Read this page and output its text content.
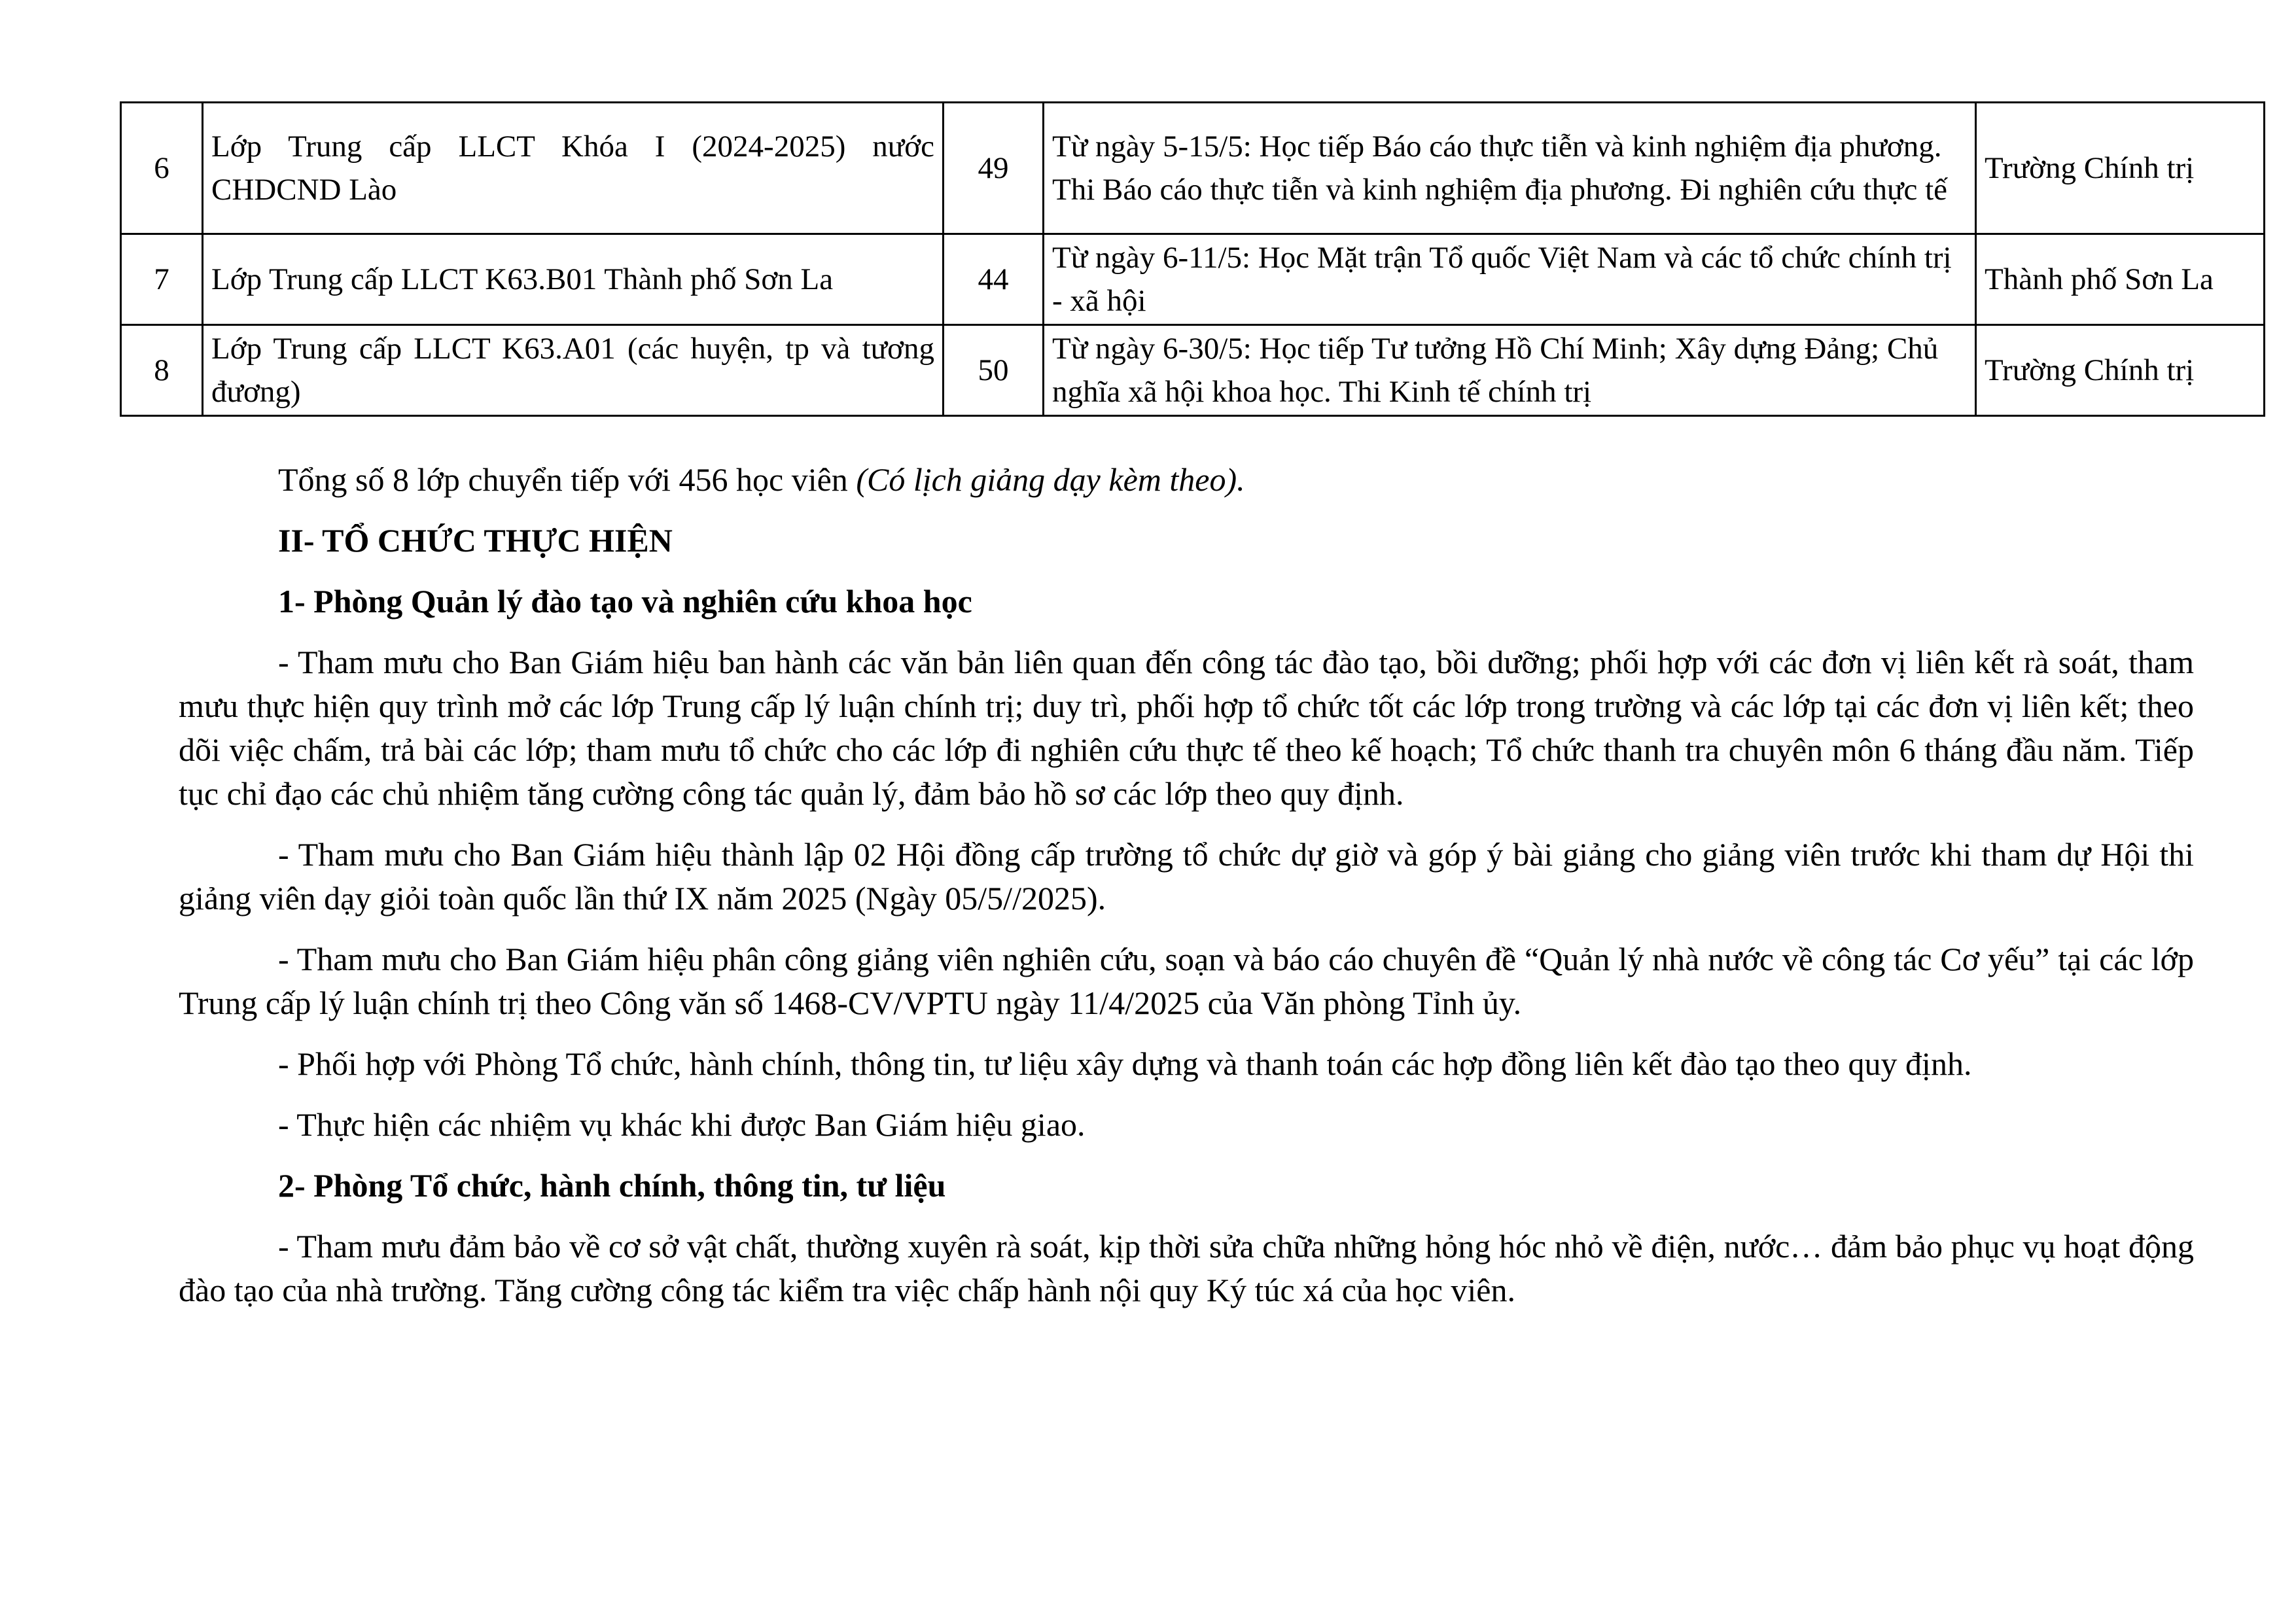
6	Lớp Trung cấp LLCT Khóa I (2024-2025) nước CHDCND Lào	49	Từ ngày 5-15/5: Học tiếp Báo cáo thực tiễn và kinh nghiệm địa phương. Thi Báo cáo thực tiễn và kinh nghiệm địa phương. Đi nghiên cứu thực tế	Trường Chính trị
7	Lớp Trung cấp LLCT K63.B01 Thành phố Sơn La	44	Từ ngày 6-11/5: Học Mặt trận Tổ quốc Việt Nam và các tổ chức chính trị - xã hội	Thành phố Sơn La
8	Lớp Trung cấp LLCT K63.A01 (các huyện, tp và tương đương)	50	Từ ngày 6-30/5: Học tiếp Tư tưởng Hồ Chí Minh; Xây dựng Đảng; Chủ nghĩa xã hội khoa học. Thi Kinh tế chính trị	Trường Chính trị

Tổng số 8 lớp chuyển tiếp với 456 học viên (Có lịch giảng dạy kèm theo).

II- TỔ CHỨC THỰC HIỆN

1- Phòng Quản lý đào tạo và nghiên cứu khoa học

- Tham mưu cho Ban Giám hiệu ban hành các văn bản liên quan đến công tác đào tạo, bồi dưỡng; phối hợp với các đơn vị liên kết rà soát, tham mưu thực hiện quy trình mở các lớp Trung cấp lý luận chính trị; duy trì, phối hợp tổ chức tốt các lớp trong trường và các lớp tại các đơn vị liên kết; theo dõi việc chấm, trả bài các lớp; tham mưu tổ chức cho các lớp đi nghiên cứu thực tế theo kế hoạch; Tổ chức thanh tra chuyên môn 6 tháng đầu năm. Tiếp tục chỉ đạo các chủ nhiệm tăng cường công tác quản lý, đảm bảo hồ sơ các lớp theo quy định.

- Tham mưu cho Ban Giám hiệu thành lập 02 Hội đồng cấp trường tổ chức dự giờ và góp ý bài giảng cho giảng viên trước khi tham dự Hội thi giảng viên dạy giỏi toàn quốc lần thứ IX năm 2025 (Ngày 05/5//2025).

- Tham mưu cho Ban Giám hiệu phân công giảng viên nghiên cứu, soạn và báo cáo chuyên đề “Quản lý nhà nước về công tác Cơ yếu” tại các lớp Trung cấp lý luận chính trị theo Công văn số 1468-CV/VPTU ngày 11/4/2025 của Văn phòng Tỉnh ủy.

- Phối hợp với Phòng Tổ chức, hành chính, thông tin, tư liệu xây dựng và thanh toán các hợp đồng liên kết đào tạo theo quy định.

- Thực hiện các nhiệm vụ khác khi được Ban Giám hiệu giao.

2- Phòng Tổ chức, hành chính, thông tin, tư liệu

- Tham mưu đảm bảo về cơ sở vật chất, thường xuyên rà soát, kịp thời sửa chữa những hỏng hóc nhỏ về điện, nước… đảm bảo phục vụ hoạt động đào tạo của nhà trường. Tăng cường công tác kiểm tra việc chấp hành nội quy Ký túc xá của học viên.
